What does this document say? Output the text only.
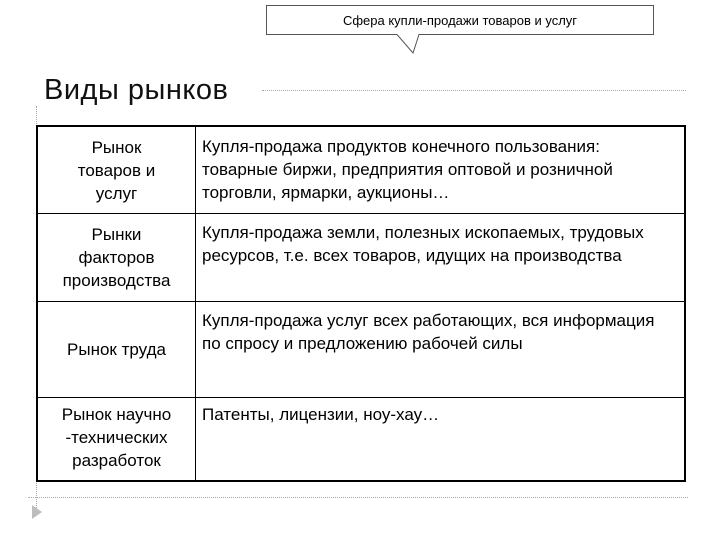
Сфера купли-продажи товаров и услуг
Виды рынков
Рынок
товаров и
услуг
Купля-продажа продуктов конечного пользования: товарные биржи, предприятия оптовой и розничной торговли, ярмарки, аукционы…
Рынки
факторов
производства
Купля-продажа земли, полезных ископаемых, трудовых ресурсов, т.е. всех товаров, идущих на производства
Рынок труда
Купля-продажа услуг всех работающих, вся информация по спросу и предложению рабочей силы
Рынок научно
-технических
разработок
Патенты, лицензии, ноу-хау…
